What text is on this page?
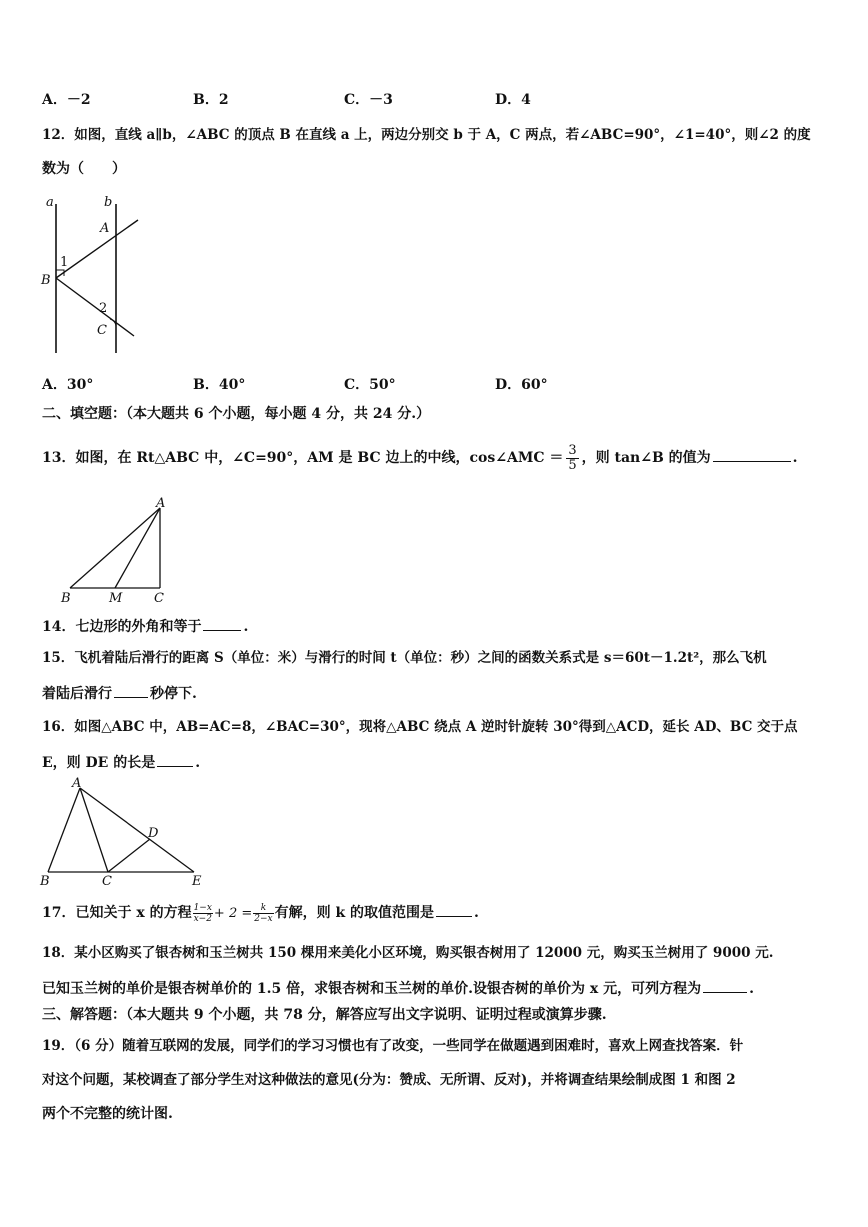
A．－2	B．2	C．－3	D．4
12．如图，直线 a∥b，∠ABC 的顶点 B 在直线 a 上，两边分别交 b 于 A，C 两点，若∠ABC=90°，∠1=40°，则∠2 的度
数为（　　）
a	b
A
B
C
1
2
A．30°	B．40°	C．50°	D．60°
二、填空题：（本大题共 6 个小题，每小题 4 分，共 24 分.）
13．如图，在 Rt△ABC 中，∠C=90°，AM 是 BC 边上的中线，cos∠AMC ＝ $\frac{3}{5}$ ，则 tan∠B 的值为	.
A
B	M C
14．七边形的外角和等于	.
15．飞机着陆后滑行的距离 S（单位：米）与滑行的时间 t（单位：秒）之间的函数关系式是 s＝60t－1.2t²，那么飞机
着陆后滑行	秒停下.
16．如图△ABC 中，AB=AC=8，∠BAC=30°，现将△ABC 绕点 A 逆时针旋转 30°得到△ACD，延长 AD、BC 交于点
E，则 DE 的长是	.
A
B	C
D
E
17．已知关于 x 的方程 $\frac{1-x}{x-2} + 2 = \frac{k}{2-x}$ 有解，则 k 的取值范围是	.
18．某小区购买了银杏树和玉兰树共 150 棵用来美化小区环境，购买银杏树用了 12000 元，购买玉兰树用了 9000 元.
已知玉兰树的单价是银杏树单价的 1.5 倍，求银杏树和玉兰树的单价.设银杏树的单价为 x 元，可列方程为	.
三、解答题：（本大题共 9 个小题，共 78 分，解答应写出文字说明、证明过程或演算步骤.
19．（6 分）随着互联网的发展，同学们的学习习惯也有了改变，一些同学在做题遇到困难时，喜欢上网查找答案．针
对这个问题，某校调查了部分学生对这种做法的意见(分为：赞成、无所谓、反对)，并将调查结果绘制成图 1 和图 2
两个不完整的统计图.
